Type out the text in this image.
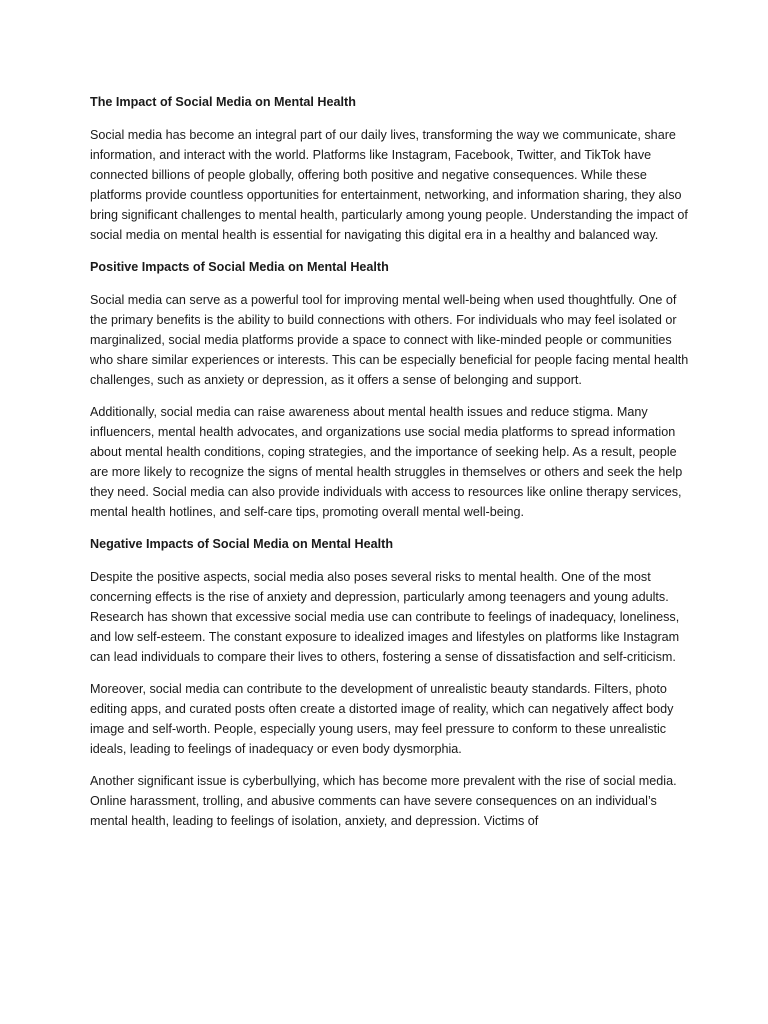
The Impact of Social Media on Mental Health

Social media has become an integral part of our daily lives, transforming the way we communicate, share information, and interact with the world. Platforms like Instagram, Facebook, Twitter, and TikTok have connected billions of people globally, offering both positive and negative consequences. While these platforms provide countless opportunities for entertainment, networking, and information sharing, they also bring significant challenges to mental health, particularly among young people. Understanding the impact of social media on mental health is essential for navigating this digital era in a healthy and balanced way.

Positive Impacts of Social Media on Mental Health

Social media can serve as a powerful tool for improving mental well-being when used thoughtfully. One of the primary benefits is the ability to build connections with others. For individuals who may feel isolated or marginalized, social media platforms provide a space to connect with like-minded people or communities who share similar experiences or interests. This can be especially beneficial for people facing mental health challenges, such as anxiety or depression, as it offers a sense of belonging and support.

Additionally, social media can raise awareness about mental health issues and reduce stigma. Many influencers, mental health advocates, and organizations use social media platforms to spread information about mental health conditions, coping strategies, and the importance of seeking help. As a result, people are more likely to recognize the signs of mental health struggles in themselves or others and seek the help they need. Social media can also provide individuals with access to resources like online therapy services, mental health hotlines, and self-care tips, promoting overall mental well-being.

Negative Impacts of Social Media on Mental Health

Despite the positive aspects, social media also poses several risks to mental health. One of the most concerning effects is the rise of anxiety and depression, particularly among teenagers and young adults. Research has shown that excessive social media use can contribute to feelings of inadequacy, loneliness, and low self-esteem. The constant exposure to idealized images and lifestyles on platforms like Instagram can lead individuals to compare their lives to others, fostering a sense of dissatisfaction and self-criticism.

Moreover, social media can contribute to the development of unrealistic beauty standards. Filters, photo editing apps, and curated posts often create a distorted image of reality, which can negatively affect body image and self-worth. People, especially young users, may feel pressure to conform to these unrealistic ideals, leading to feelings of inadequacy or even body dysmorphia.

Another significant issue is cyberbullying, which has become more prevalent with the rise of social media. Online harassment, trolling, and abusive comments can have severe consequences on an individual’s mental health, leading to feelings of isolation, anxiety, and depression. Victims of
